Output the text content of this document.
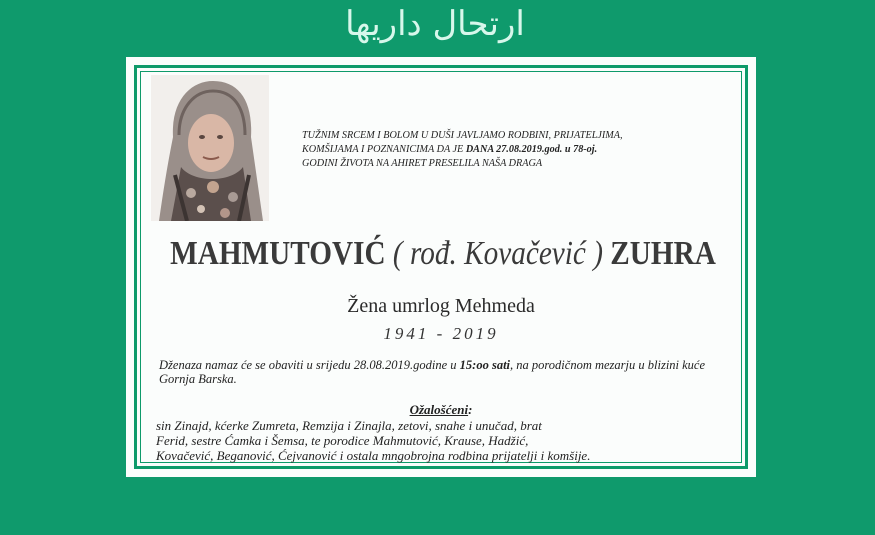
ارتحال داريها
TUŽNIM SRCEM I BOLOM U DUŠI JAVLJAMO RODBINI, PRIJATELJIMA,
KOMŠIJAMA I POZNANICIMA DA JE DANA 27.08.2019.god. u 78-oj.
GODINI ŽIVOTA NA AHIRET PRESELILA NAŠA DRAGA
MAHMUTOVIĆ ( rođ. Kovačević ) ZUHRA
Žena umrlog Mehmeda
1941 - 2019
Dženaza namaz će se obaviti u srijedu 28.08.2019.godine u 15:oo sati, na porodičnom mezarju u blizini kuće Gornja Barska.
Ožalošćeni:
sin Zinajd, kćerke Zumreta, Remzija i Zinajla, zetovi, snahe i unučad, brat
Ferid, sestre Ćamka i Šemsa, te porodice Mahmutović, Krause, Hadžić,
Kovačević, Beganović, Ćejvanović i ostala mngobrojna rodbina prijatelji i komšije.
